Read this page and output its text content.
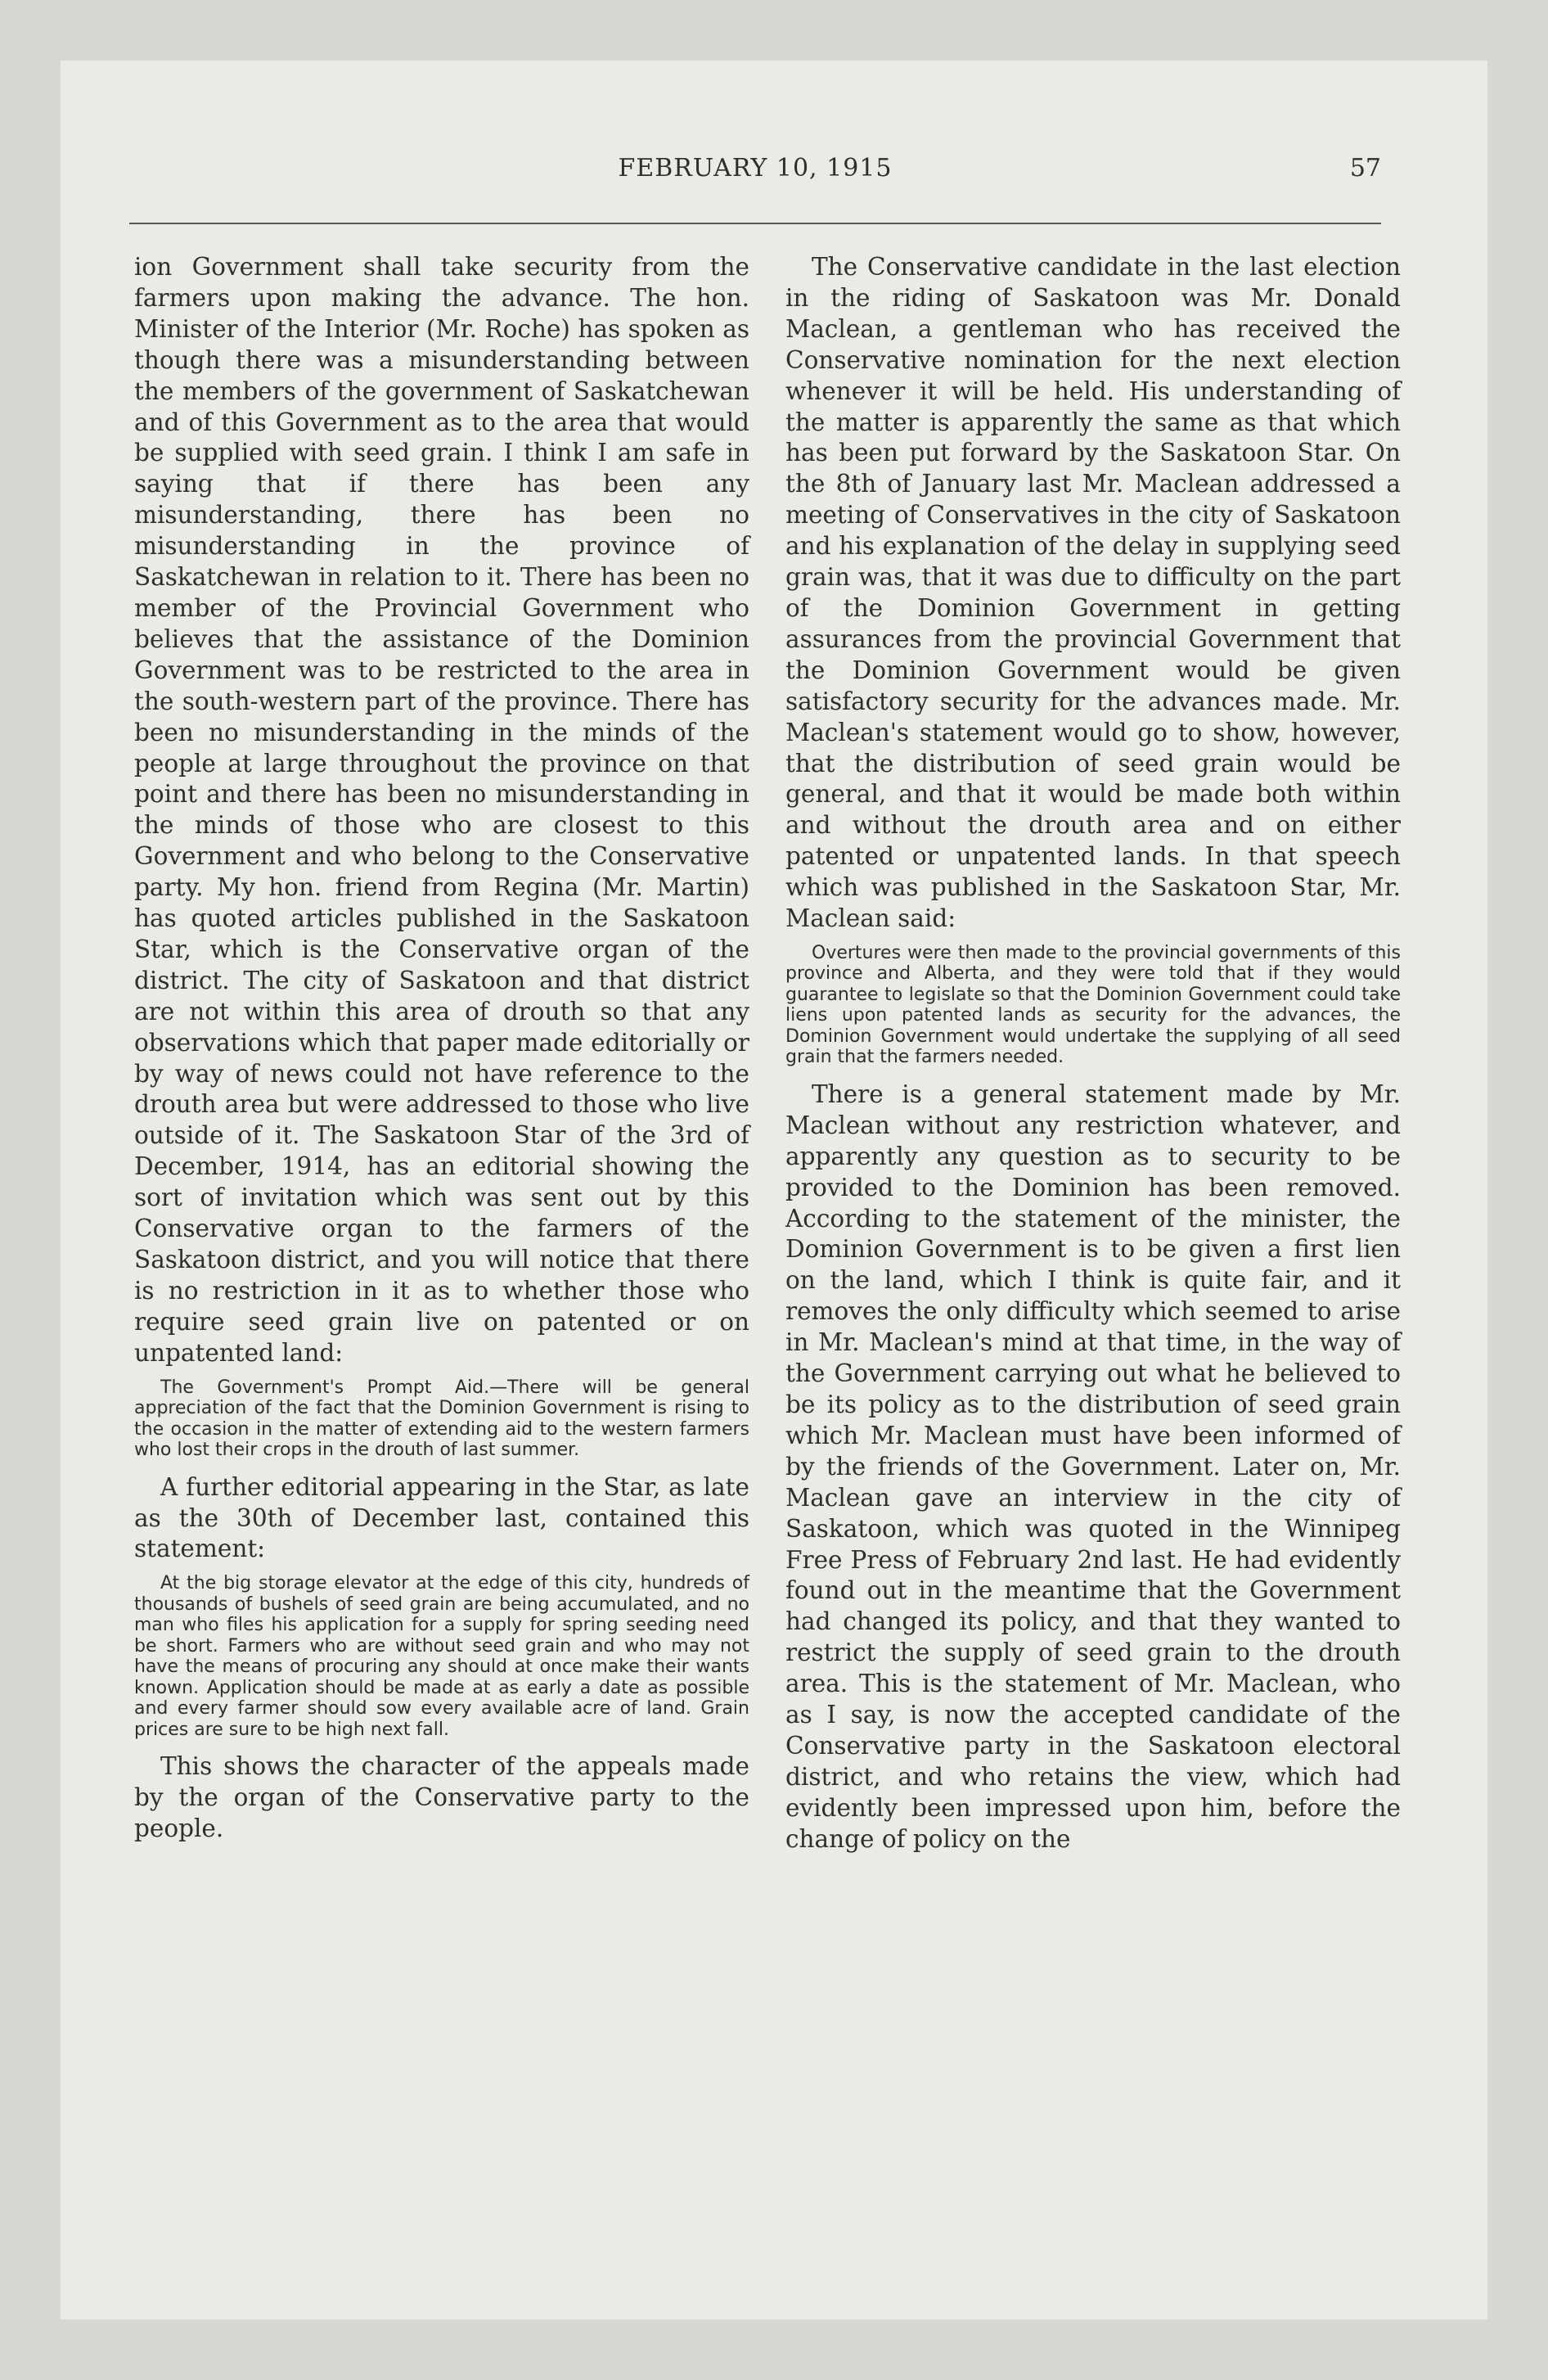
FEBRUARY 10, 1915	57

ion Government shall take security from the farmers upon making the advance. The hon. Minister of the Interior (Mr. Roche) has spoken as though there was a misunderstanding between the members of the government of Saskatchewan and of this Government as to the area that would be supplied with seed grain. I think I am safe in saying that if there has been any misunderstanding, there has been no misunderstanding in the province of Saskatchewan in relation to it. There has been no member of the Provincial Government who believes that the assistance of the Dominion Government was to be restricted to the area in the south-western part of the province. There has been no misunderstanding in the minds of the people at large throughout the province on that point and there has been no misunderstanding in the minds of those who are closest to this Government and who belong to the Conservative party. My hon. friend from Regina (Mr. Martin) has quoted articles published in the Saskatoon Star, which is the Conservative organ of the district. The city of Saskatoon and that district are not within this area of drouth so that any observations which that paper made editorially or by way of news could not have reference to the drouth area but were addressed to those who live outside of it. The Saskatoon Star of the 3rd of December, 1914, has an editorial showing the sort of invitation which was sent out by this Conservative organ to the farmers of the Saskatoon district, and you will notice that there is no restriction in it as to whether those who require seed grain live on patented or on unpatented land:

The Government's Prompt Aid.—There will be general appreciation of the fact that the Dominion Government is rising to the occasion in the matter of extending aid to the western farmers who lost their crops in the drouth of last summer.

A further editorial appearing in the Star, as late as the 30th of December last, contained this statement:

At the big storage elevator at the edge of this city, hundreds of thousands of bushels of seed grain are being accumulated, and no man who files his application for a supply for spring seeding need be short. Farmers who are without seed grain and who may not have the means of procuring any should at once make their wants known. Application should be made at as early a date as possible and every farmer should sow every available acre of land. Grain prices are sure to be high next fall.

This shows the character of the appeals made by the organ of the Conservative party to the people.

The Conservative candidate in the last election in the riding of Saskatoon was Mr. Donald Maclean, a gentleman who has received the Conservative nomination for the next election whenever it will be held. His understanding of the matter is apparently the same as that which has been put forward by the Saskatoon Star. On the 8th of January last Mr. Maclean addressed a meeting of Conservatives in the city of Saskatoon and his explanation of the delay in supplying seed grain was, that it was due to difficulty on the part of the Dominion Government in getting assurances from the provincial Government that the Dominion Government would be given satisfactory security for the advances made. Mr. Maclean's statement would go to show, however, that the distribution of seed grain would be general, and that it would be made both within and without the drouth area and on either patented or unpatented lands. In that speech which was published in the Saskatoon Star, Mr. Maclean said:

Overtures were then made to the provincial governments of this province and Alberta, and they were told that if they would guarantee to legislate so that the Dominion Government could take liens upon patented lands as security for the advances, the Dominion Government would undertake the supplying of all seed grain that the farmers needed.

There is a general statement made by Mr. Maclean without any restriction whatever, and apparently any question as to security to be provided to the Dominion has been removed. According to the statement of the minister, the Dominion Government is to be given a first lien on the land, which I think is quite fair, and it removes the only difficulty which seemed to arise in Mr. Maclean's mind at that time, in the way of the Government carrying out what he believed to be its policy as to the distribution of seed grain which Mr. Maclean must have been informed of by the friends of the Government. Later on, Mr. Maclean gave an interview in the city of Saskatoon, which was quoted in the Winnipeg Free Press of February 2nd last. He had evidently found out in the meantime that the Government had changed its policy, and that they wanted to restrict the supply of seed grain to the drouth area. This is the statement of Mr. Maclean, who as I say, is now the accepted candidate of the Conservative party in the Saskatoon electoral district, and who retains the view, which had evidently been impressed upon him, before the change of policy on the
